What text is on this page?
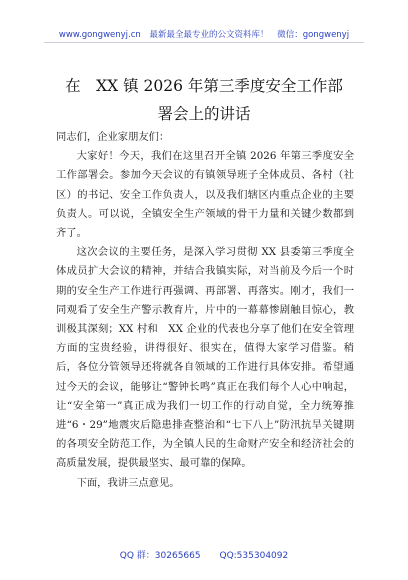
www.gongwenyj.cn 最新最全最专业的公文资料库！ 微信：gongwenyj
在　XX 镇 2026 年第三季度安全工作部署会上的讲话

同志们，企业家朋友们：

大家好！今天，我们在这里召开全镇 2026 年第三季度安全工作部署会。参加今天会议的有镇领导班子全体成员、各村（社区）的书记、安全工作负责人，以及我们辖区内重点企业的主要负责人。可以说，全镇安全生产领域的骨干力量和关键少数都到齐了。

这次会议的主要任务，是深入学习贯彻 XX 县委第三季度全体成员扩大会议的精神，并结合我镇实际，对当前及今后一个时期的安全生产工作进行再强调、再部署、再落实。刚才，我们一同观看了安全生产警示教育片，片中的一幕幕惨剧触目惊心，教训极其深刻；XX 村和　XX 企业的代表也分享了他们在安全管理方面的宝贵经验，讲得很好、很实在，值得大家学习借鉴。稍后，各位分管领导还将就各自领域的工作进行具体安排。希望通过今天的会议，能够让“警钟长鸣”真正在我们每个人心中响起，让“安全第一”真正成为我们一切工作的行动自觉，全力统筹推进“6・29”地震灾后隐患排查整治和“七下八上”防汛抗旱关键期的各项安全防范工作，为全镇人民的生命财产安全和经济社会的高质量发展，提供最坚实、最可靠的保障。

下面，我讲三点意见。

QQ 群：30265665 QQ:535304092
